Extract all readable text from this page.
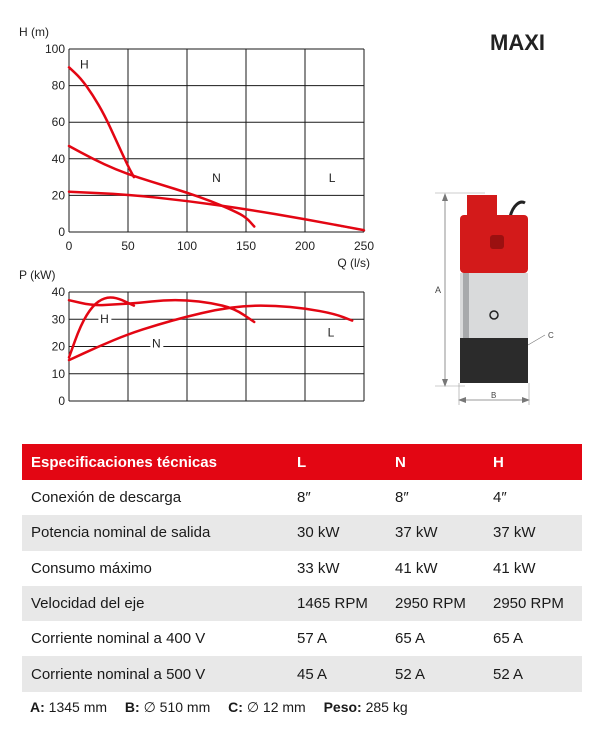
MAXI
0
20
40
60
80
100
0	50	100	150	200	250
Q (l/s)
H (m)
H
N	L
0
10
20
30
40
P (kW)
H
N
L
A
C
B
Especificaciones técnicas	L	N	H
Conexión de descarga	8″	8″	4″
Potencia nominal de salida	30 kW	37 kW	37 kW
Consumo máximo	33 kW	41 kW	41 kW
Velocidad del eje	1465 RPM	2950 RPM	2950 RPM
Corriente nominal a 400 V	57 A	65 A	65 A
Corriente nominal a 500 V	45 A	52 A	52 A
A: 1345 mm B: ∅ 510 mm C: ∅ 12 mm Peso: 285 kg
